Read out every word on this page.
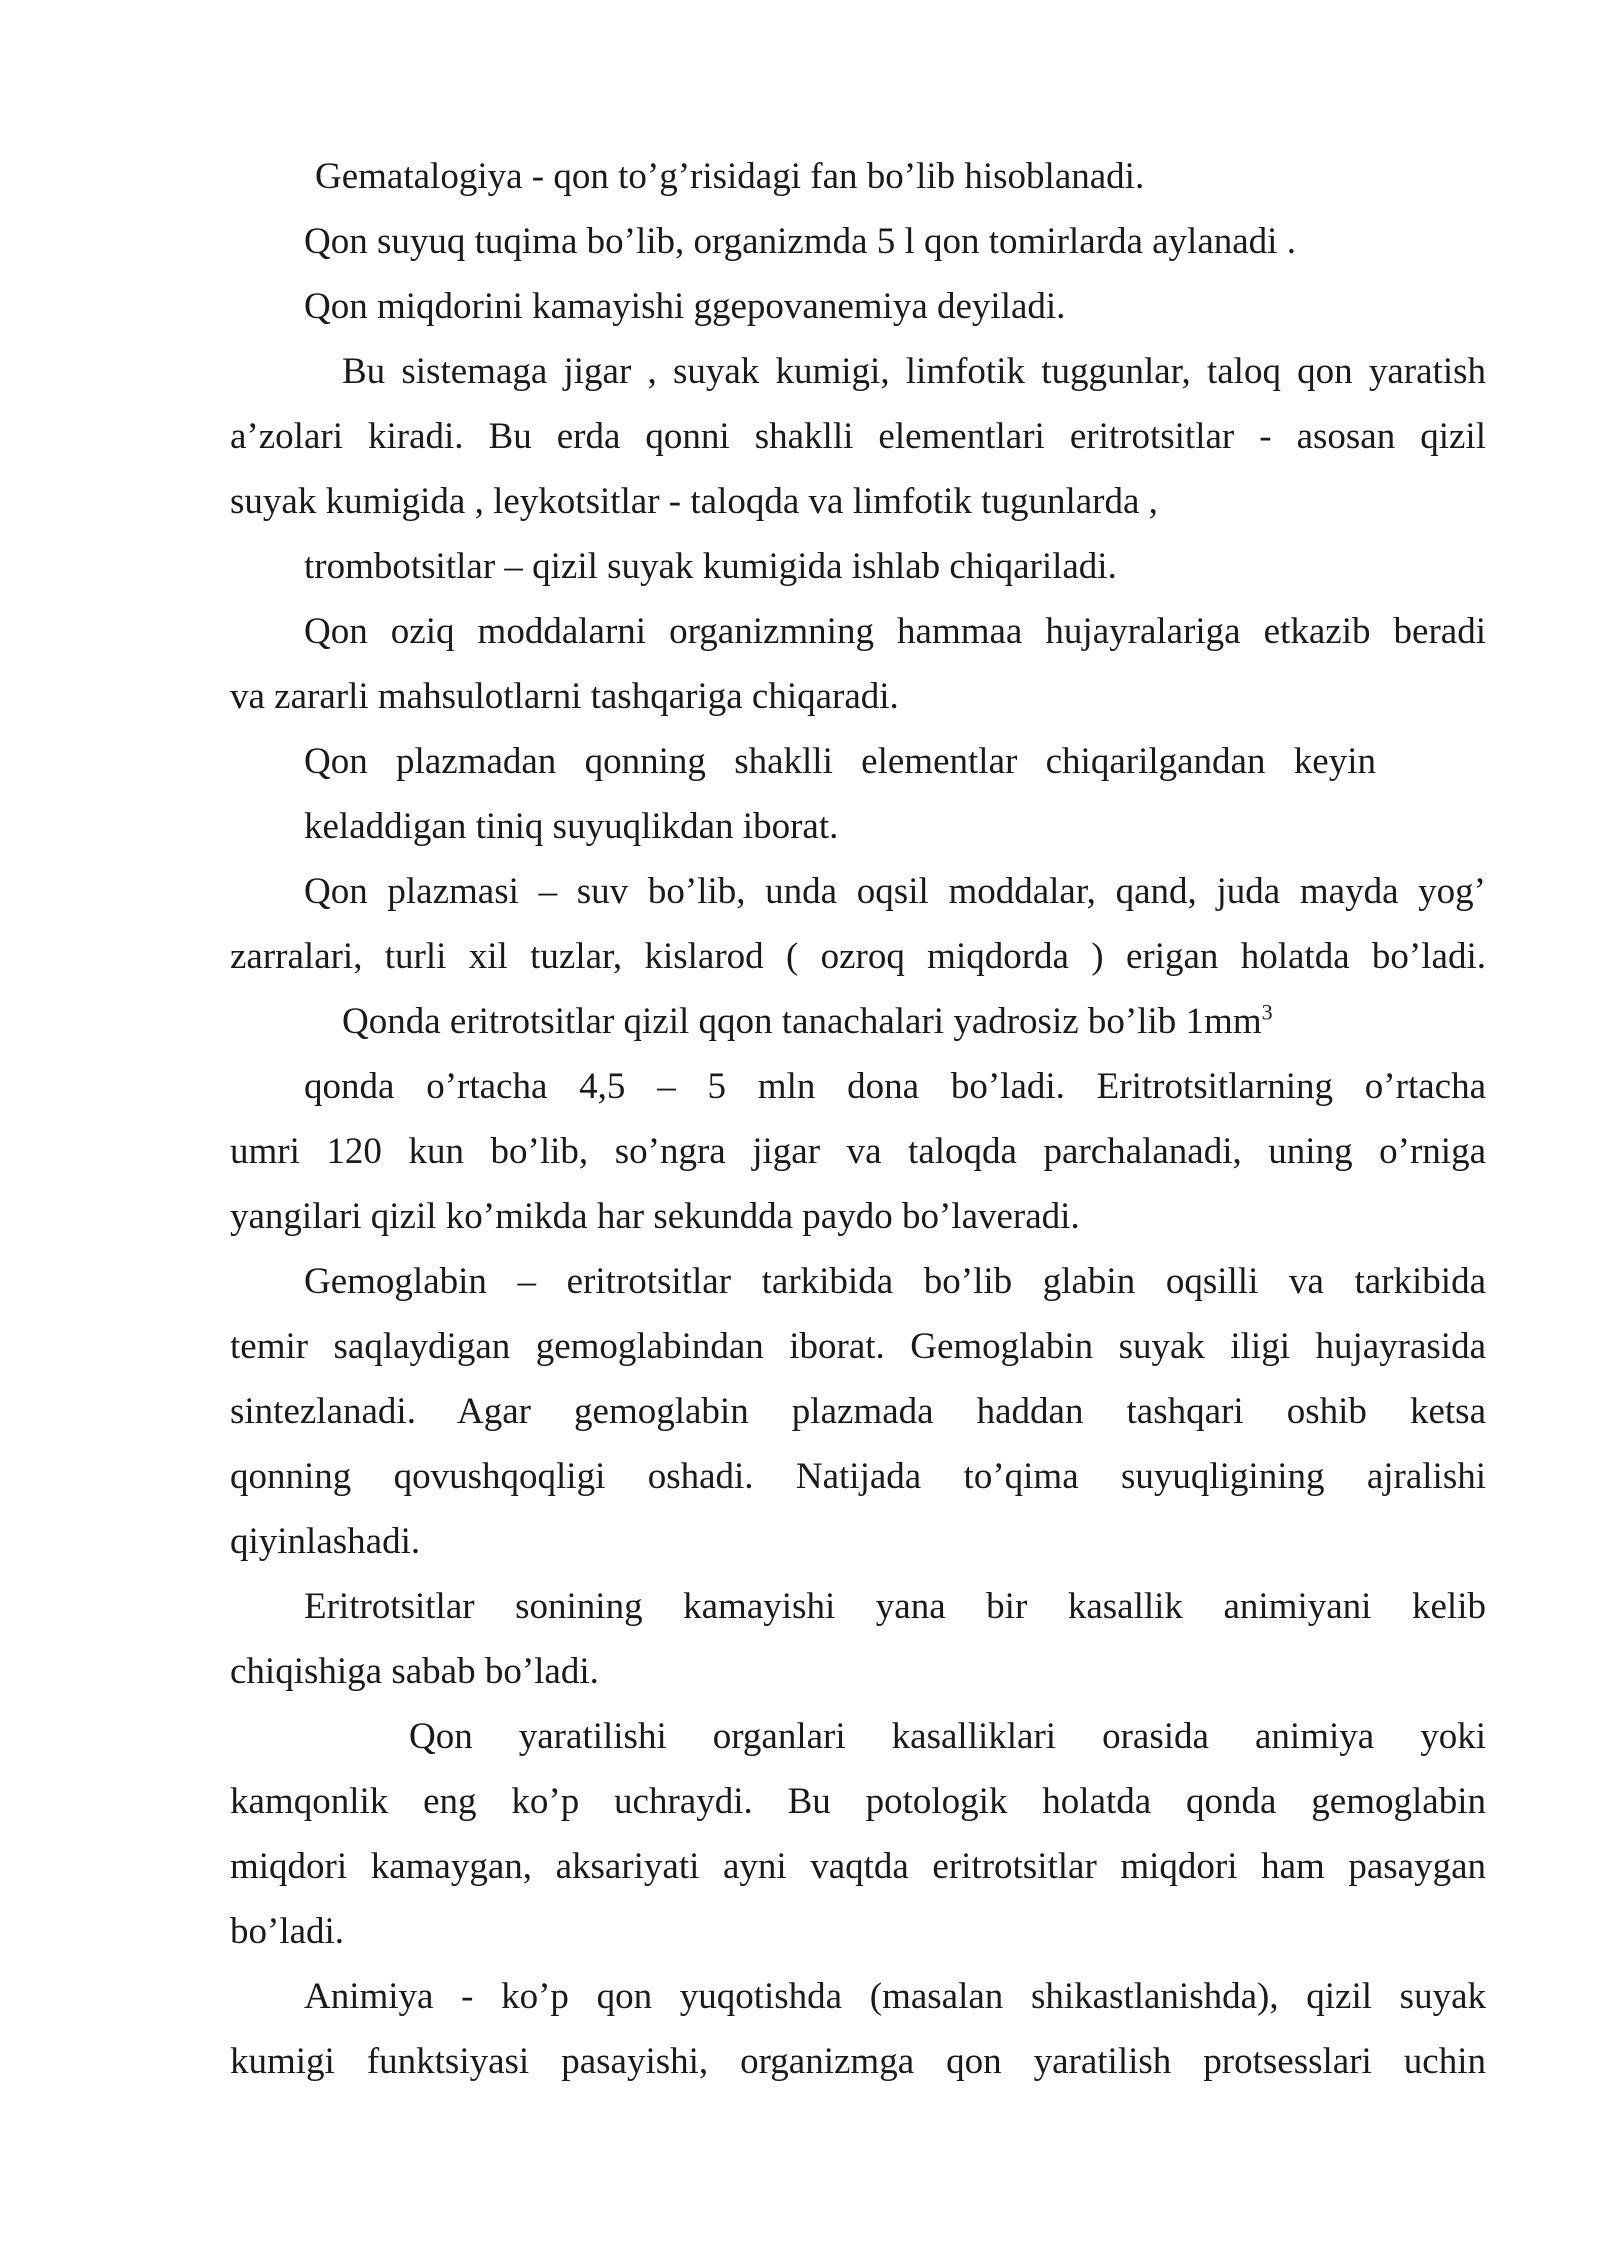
Gematalogiya - qon to’g’risidagi fan bo’lib hisoblanadi.
Qon suyuq tuqima bo’lib, organizmda 5 l qon tomirlarda aylanadi .
Qon miqdorini kamayishi ggepovanemiya deyiladi.
Bu sistemaga jigar , suyak kumigi, limfotik tuggunlar, taloq qon yaratish
a’zolari kiradi. Bu erda qonni shaklli elementlari eritrotsitlar - asosan qizil
suyak kumigida , leykotsitlar - taloqda va limfotik tugunlarda ,
trombotsitlar – qizil suyak kumigida ishlab chiqariladi.
Qon oziq moddalarni organizmning hammaa hujayralariga etkazib beradi
va zararli mahsulotlarni tashqariga chiqaradi.
Qon plazmadan qonning shaklli elementlar chiqarilgandan keyin
keladdigan tiniq suyuqlikdan iborat.
Qon plazmasi – suv bo’lib, unda oqsil moddalar, qand, juda mayda yog’
zarralari, turli xil tuzlar, kislarod ( ozroq miqdorda ) erigan holatda bo’ladi.
Qonda eritrotsitlar qizil qqon tanachalari yadrosiz bo’lib $1mm^3$
qonda o’rtacha 4,5 – 5 mln dona bo’ladi. Eritrotsitlarning o’rtacha
umri 120 kun bo’lib, so’ngra jigar va taloqda parchalanadi, uning o’rniga
yangilari qizil ko’mikda har sekundda paydo bo’laveradi.
Gemoglabin – eritrotsitlar tarkibida bo’lib glabin oqsilli va tarkibida
temir saqlaydigan gemoglabindan iborat. Gemoglabin suyak iligi hujayrasida
sintezlanadi. Agar gemoglabin plazmada haddan tashqari oshib ketsa
qonning qovushqoqligi oshadi. Natijada to’qima suyuqligining ajralishi
qiyinlashadi.
Eritrotsitlar sonining kamayishi yana bir kasallik animiyani kelib
chiqishiga sabab bo’ladi.
Qon yaratilishi organlari kasalliklari orasida animiya yoki
kamqonlik eng ko’p uchraydi. Bu potologik holatda qonda gemoglabin
miqdori kamaygan, aksariyati ayni vaqtda eritrotsitlar miqdori ham pasaygan
bo’ladi.
Animiya - ko’p qon yuqotishda (masalan shikastlanishda), qizil suyak
kumigi funktsiyasi pasayishi, organizmga qon yaratilish protsesslari uchin
